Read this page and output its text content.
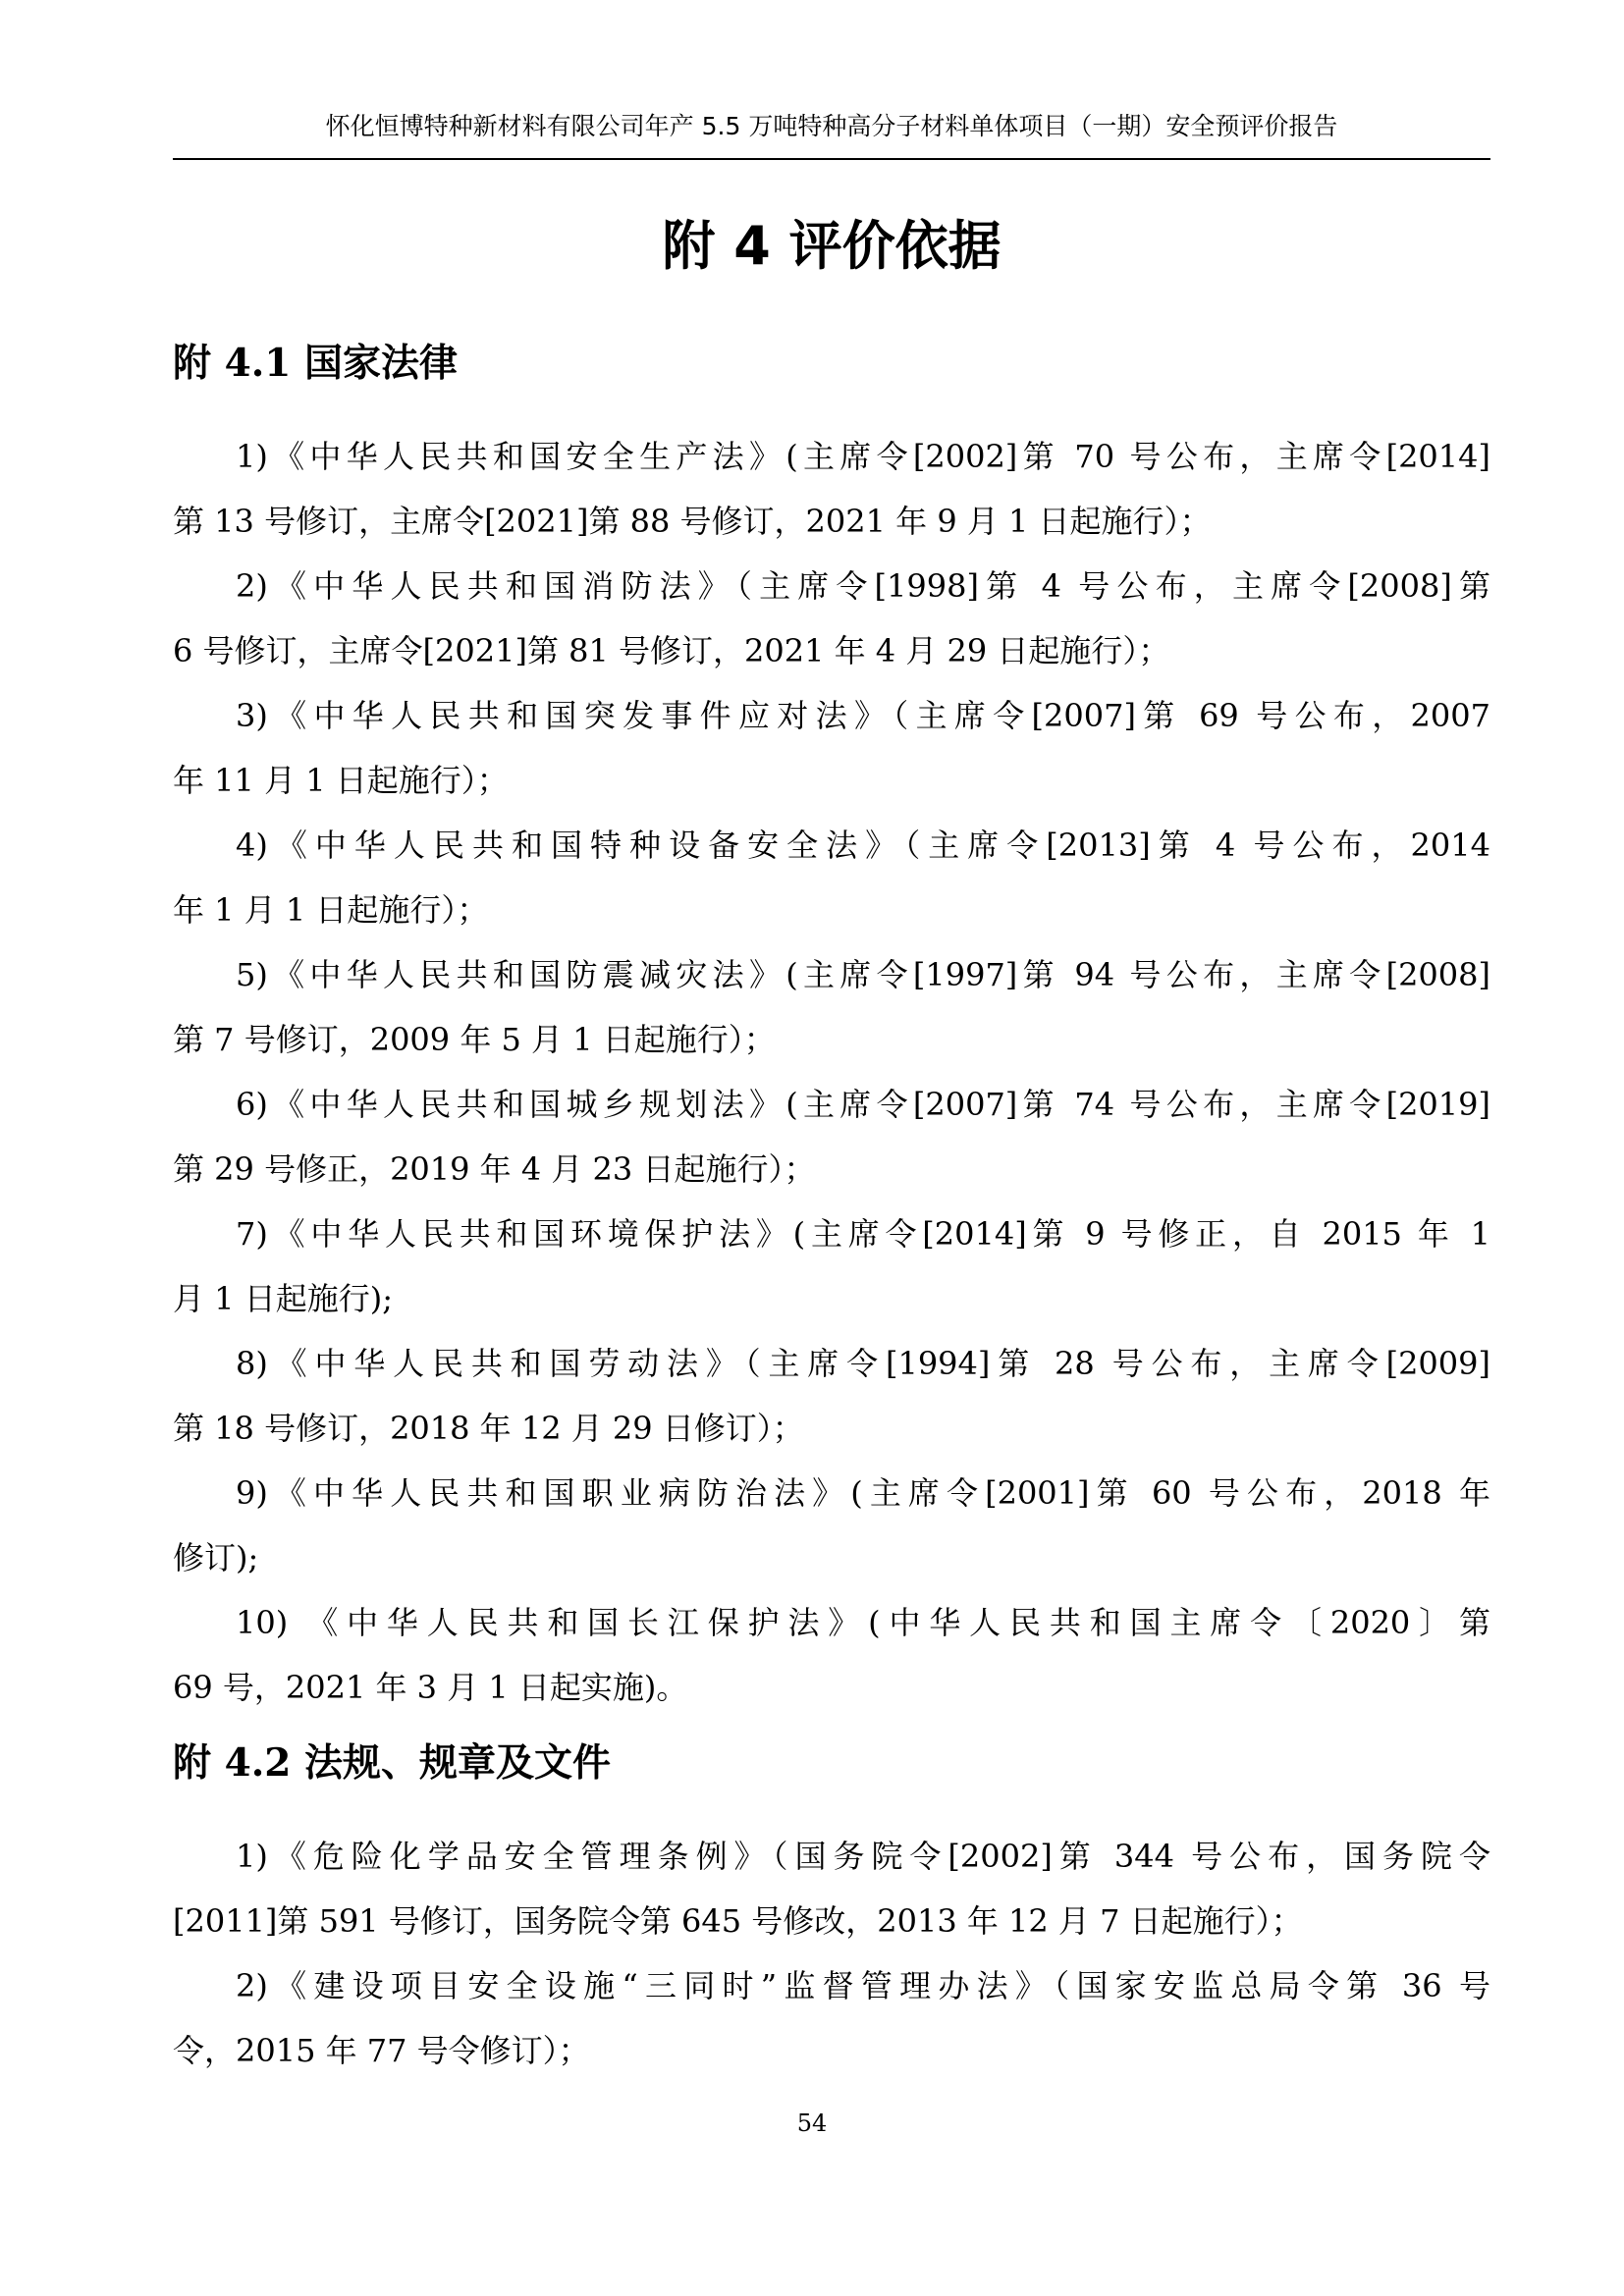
怀化恒博特种新材料有限公司年产 5.5 万吨特种高分子材料单体项目（一期）安全预评价报告
附 4 评价依据
附 4.1 国家法律
1)《中华人民共和国安全生产法》(主席令[2002]第 70 号公布，主席令[2014]
第 13 号修订，主席令[2021]第 88 号修订，2021 年 9 月 1 日起施行）；
2)《中华人民共和国消防法》（主席令[1998]第 4 号公布，主席令[2008]第
6 号修订，主席令[2021]第 81 号修订，2021 年 4 月 29 日起施行）；
3)《中华人民共和国突发事件应对法》（主席令[2007]第 69 号公布，2007
年 11 月 1 日起施行）；
4)《中华人民共和国特种设备安全法》（主席令[2013]第 4 号公布，2014
年 1 月 1 日起施行）；
5)《中华人民共和国防震减灾法》(主席令[1997]第 94 号公布，主席令[2008]
第 7 号修订，2009 年 5 月 1 日起施行）；
6)《中华人民共和国城乡规划法》(主席令[2007]第 74 号公布，主席令[2019]
第 29 号修正，2019 年 4 月 23 日起施行）；
7)《中华人民共和国环境保护法》(主席令[2014]第 9 号修正，自 2015 年 1
月 1 日起施行);
8)《中华人民共和国劳动法》（主席令[1994]第 28 号公布，主席令[2009]
第 18 号修订，2018 年 12 月 29 日修订）；
9)《中华人民共和国职业病防治法》(主席令[2001]第 60 号公布，2018 年
修订);
10) 《中华人民共和国长江保护法》(中华人民共和国主席令〔2020〕第
69 号，2021 年 3 月 1 日起实施)。
附 4.2 法规、规章及文件
1)《危险化学品安全管理条例》（国务院令[2002]第 344 号公布，国务院令
[2011]第 591 号修订，国务院令第 645 号修改，2013 年 12 月 7 日起施行）；
2)《建设项目安全设施“三同时”监督管理办法》（国家安监总局令第 36 号
令，2015 年 77 号令修订）；
54
